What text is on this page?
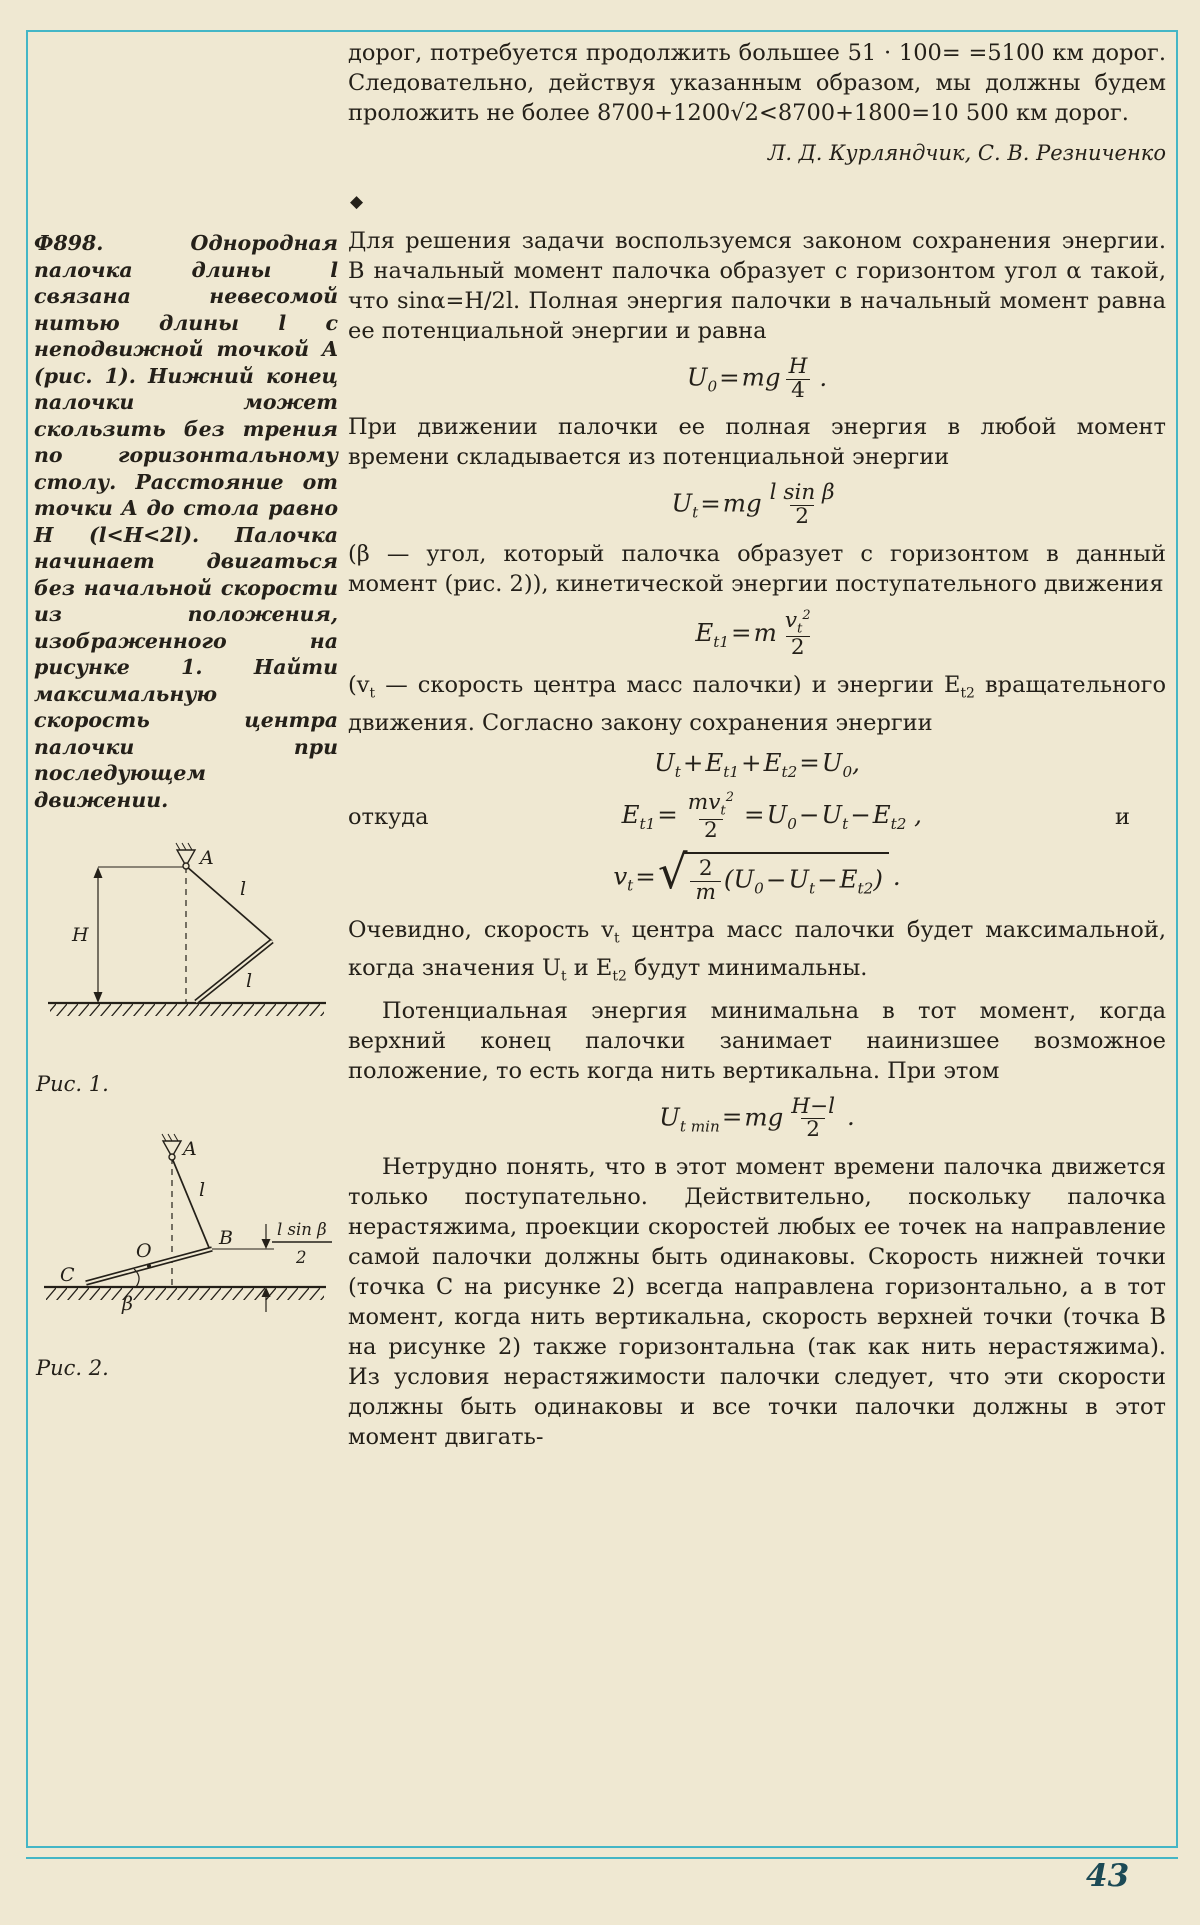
Ф898. Однородная палочка длины l связана невесомой нитью длины l с неподвижной точкой A (рис. 1). Нижний конец палочки может скользить без трения по горизонтальному столу. Расстояние от точки A до стола равно H (l<H<2l). Палочка начинает двигаться без начальной скорости из положения, изображенного на рисунке 1. Найти максимальную скорость центра палочки при последующем движении.

A
H
l
l
Рис. 1.
A
l
B
O
C
β
l sin β
2
Рис. 2.

дорог, потребуется продолжить большее 51 · 100= =5100 км дорог. Следовательно, действуя указанным образом, мы должны будем проложить не более 8700+1200√2<8700+1800=10 500 км дорог.

Л. Д. Курляндчик, С. В. Резниченко

◆

Для решения задачи воспользуемся законом сохранения энергии. В начальный момент палочка образует с горизонтом угол α такой, что sinα=H/2l. Полная энергия палочки в начальный момент равна ее потенциальной энергии и равна

$U_0=mg \frac{H}{4}$ .

При движении палочки ее полная энергия в любой момент времени складывается из потенциальной энергии

$U_t=mg \frac{\text{l sin β}}{2}$

(β — угол, который палочка образует с горизонтом в данный момент (рис. 2)), кинетической энергии поступательного движения

$E_{t1}=m \frac{v_t^2}{2}$

($v_t$ — скорость центра масс палочки) и энергии $E_{t2}$ вращательного движения. Согласно закону сохранения энергии

$U_t+E_{t1}+E_{t2}=U_0$,
откуда	$E_{t1}= \frac{mv_t^2}{2} =U_0-U_t-E_{t2}$ ,	и
$v_t=$ √ $\frac{2}{m} (U_0-U_t-E_{t2})$ .

Очевидно, скорость $v_t$ центра масс палочки будет максимальной, когда значения $U_t$ и $E_{t2}$ будут минимальны.

Потенциальная энергия минимальна в тот момент, когда верхний конец палочки занимает наинизшее возможное положение, то есть когда нить вертикальна. При этом

$U_{t min}=mg \frac{H-l}{2}$ .

Нетрудно понять, что в этот момент времени палочка движется только поступательно. Действительно, поскольку палочка нерастяжима, проекции скоростей любых ее точек на направление самой палочки должны быть одинаковы. Скорость нижней точки (точка C на рисунке 2) всегда направлена горизонтально, а в тот момент, когда нить вертикальна, скорость верхней точки (точка B на рисунке 2) также горизонтальна (так как нить нерастяжима). Из условия нерастяжимости палочки следует, что эти скорости должны быть одинаковы и все точки палочки должны в этот момент двигать-

43
